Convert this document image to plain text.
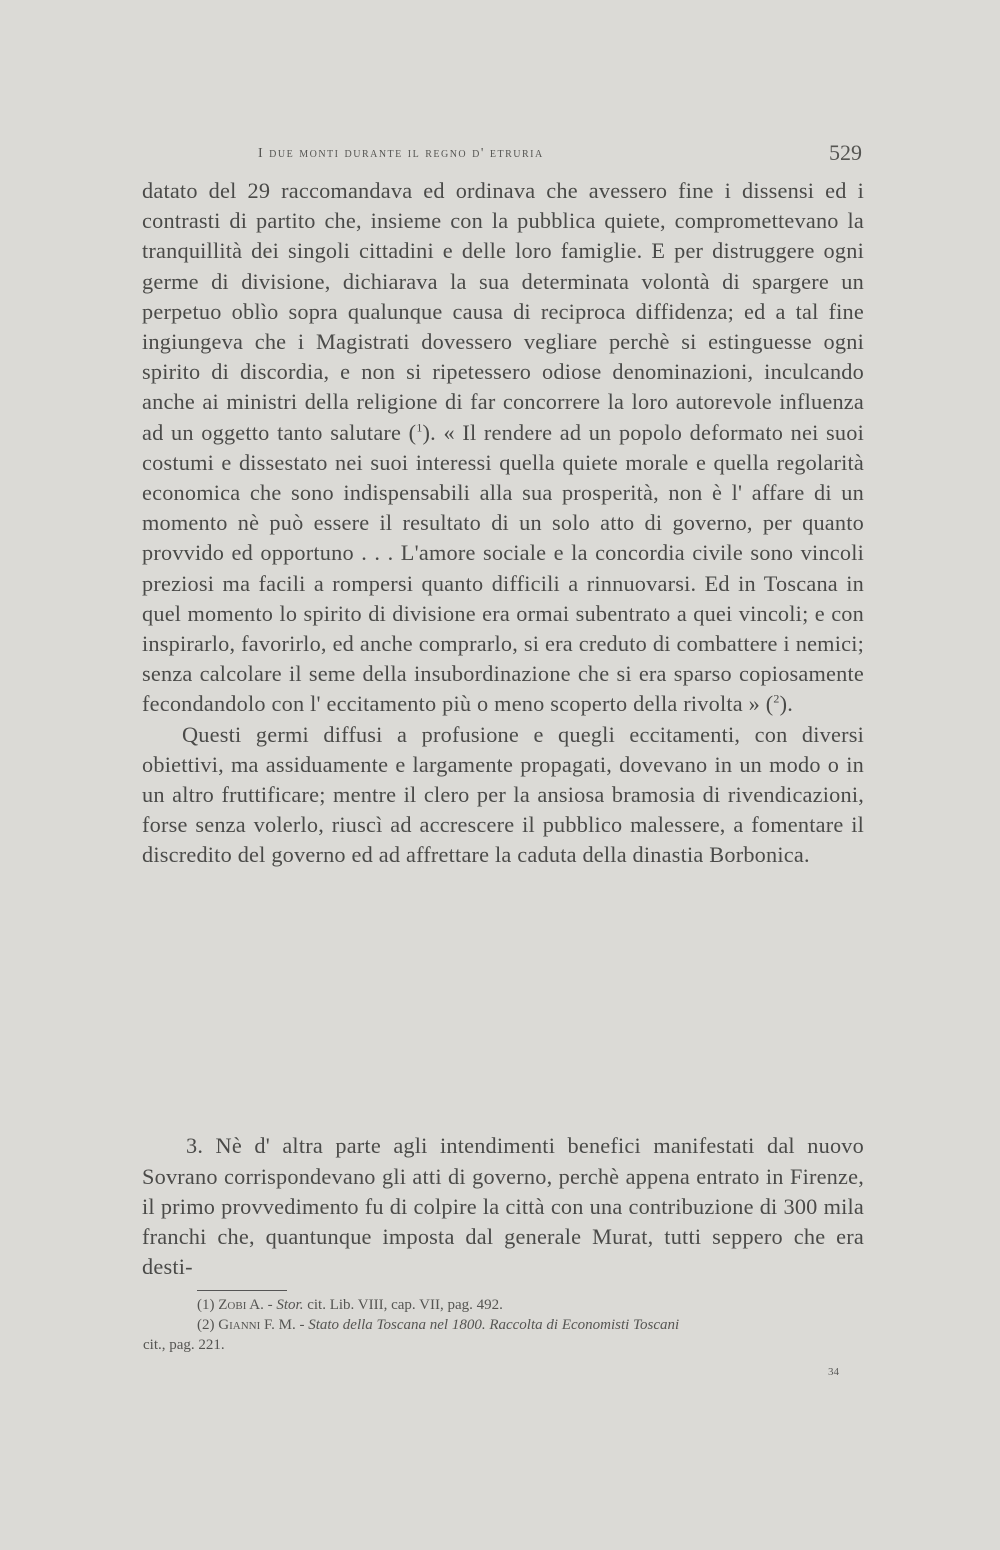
I due monti durante il regno d' etruria	529

datato del 29 raccomandava ed ordinava che avessero fine i dissensi ed i contrasti di partito che, insieme con la pubblica quiete, compromettevano la tranquillità dei singoli cittadini e delle loro famiglie. E per distruggere ogni germe di divisione, dichiarava la sua determinata volontà di spargere un perpetuo oblìo sopra qualunque causa di reciproca diffidenza; ed a tal fine ingiungeva che i Magistrati dovessero vegliare perchè si estinguesse ogni spirito di discordia, e non si ripetessero odiose denominazioni, inculcando anche ai ministri della religione di far concorrere la loro autorevole influenza ad un oggetto tanto salutare ($^1$). « Il rendere ad un popolo deformato nei suoi costumi e dissestato nei suoi interessi quella quiete morale e quella regolarità economica che sono indispensabili alla sua prosperità, non è l' affare di un momento nè può essere il resultato di un solo atto di governo, per quanto provvido ed opportuno . . . L'amore sociale e la concordia civile sono vincoli preziosi ma facili a rompersi quanto difficili a rinnuovarsi. Ed in Toscana in quel momento lo spirito di divisione era ormai subentrato a quei vincoli; e con inspirarlo, favorirlo, ed anche comprarlo, si era creduto di combattere i nemici; senza calcolare il seme della insubordinazione che si era sparso copiosamente fecondandolo con l' eccitamento più o meno scoperto della rivolta » ($^2$).

Questi germi diffusi a profusione e quegli eccitamenti, con diversi obiettivi, ma assiduamente e largamente propagati, dovevano in un modo o in un altro fruttificare; mentre il clero per la ansiosa bramosia di rivendicazioni, forse senza volerlo, riuscì ad accrescere il pubblico malessere, a fomentare il discredito del governo ed ad affrettare la caduta della dinastia Borbonica.

3. Nè d' altra parte agli intendimenti benefici manifestati dal nuovo Sovrano corrispondevano gli atti di governo, perchè appena entrato in Firenze, il primo provvedimento fu di colpire la città con una contribuzione di 300 mila franchi che, quantunque imposta dal generale Murat, tutti seppero che era desti-

(1) Zobi A. - Stor. cit. Lib. VIII, cap. VII, pag. 492.

(2) Gianni F. M. - Stato della Toscana nel 1800. Raccolta di Economisti Toscani

cit., pag. 221.

34
